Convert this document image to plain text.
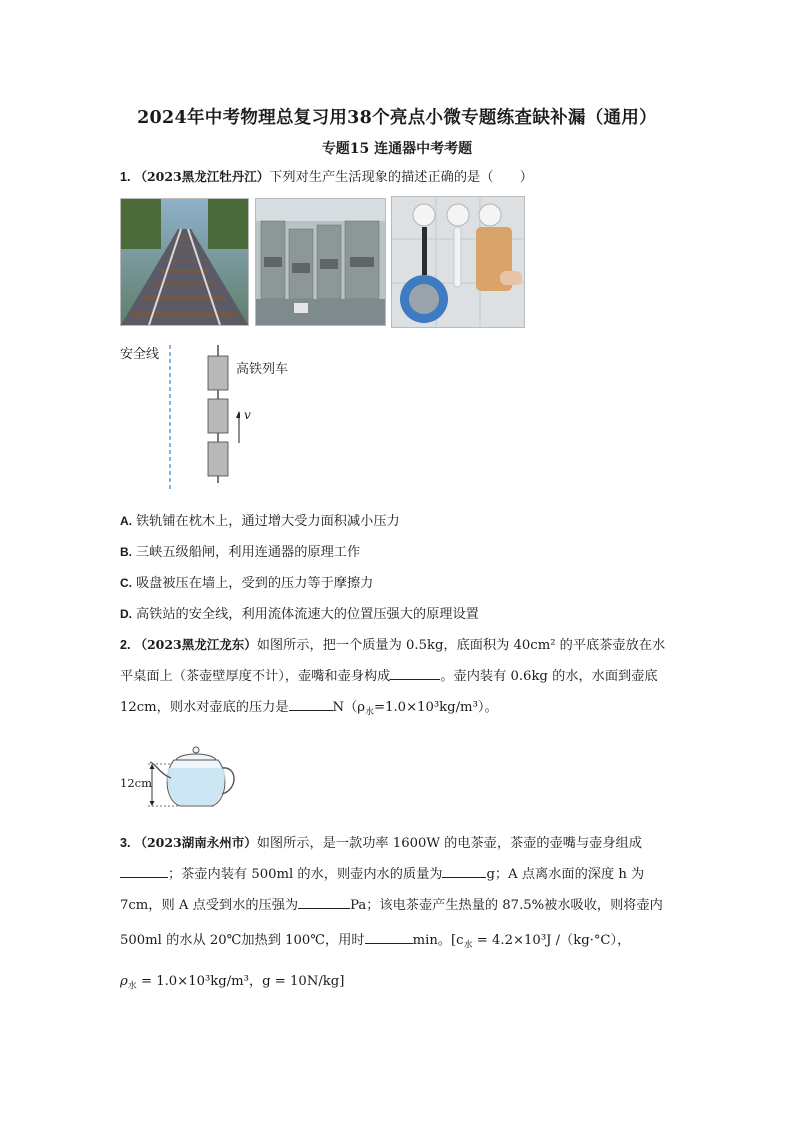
2024年中考物理总复习用38个亮点小微专题练查缺补漏（通用）
专题15 连通器中考考题
1. （2023黑龙江牡丹江）下列对生产生活现象的描述正确的是（　　）
安全线
高铁列车
v
A. 铁轨铺在枕木上，通过增大受力面积减小压力
B. 三峡五级船闸，利用连通器的原理工作
C. 吸盘被压在墙上，受到的压力等于摩擦力
D. 高铁站的安全线，利用流体流速大的位置压强大的原理设置
2. （2023黑龙江龙东）如图所示，把一个质量为 0.5kg，底面积为 40cm² 的平底茶壶放在水
平桌面上（茶壶壁厚度不计），壶嘴和壶身构成	。壶内装有 0.6kg 的水，水面到壶底
12cm，则水对壶底的压力是	$N(\rho_水=1.0\times 10^3kg/m^3)$。
12cm
3. （2023湖南永州市）如图所示，是一款功率 1600W 的电茶壶，茶壶的壶嘴与壶身组成
；茶壶内装有 500ml 的水，则壶内水的质量为	g；A 点离水面的深度 h 为
7cm，则 A 点受到水的压强为	Pa；该电茶壶产生热量的 87.5%被水吸收，则将壶内
500ml 的水从 20℃加热到 100℃，用时	min。[$c_水 = 4.2\times 10^3J$ /（kg·°C），
$\rho_水 = 1.0\times 10^3kg/m^3$，g = 10N/kg]
